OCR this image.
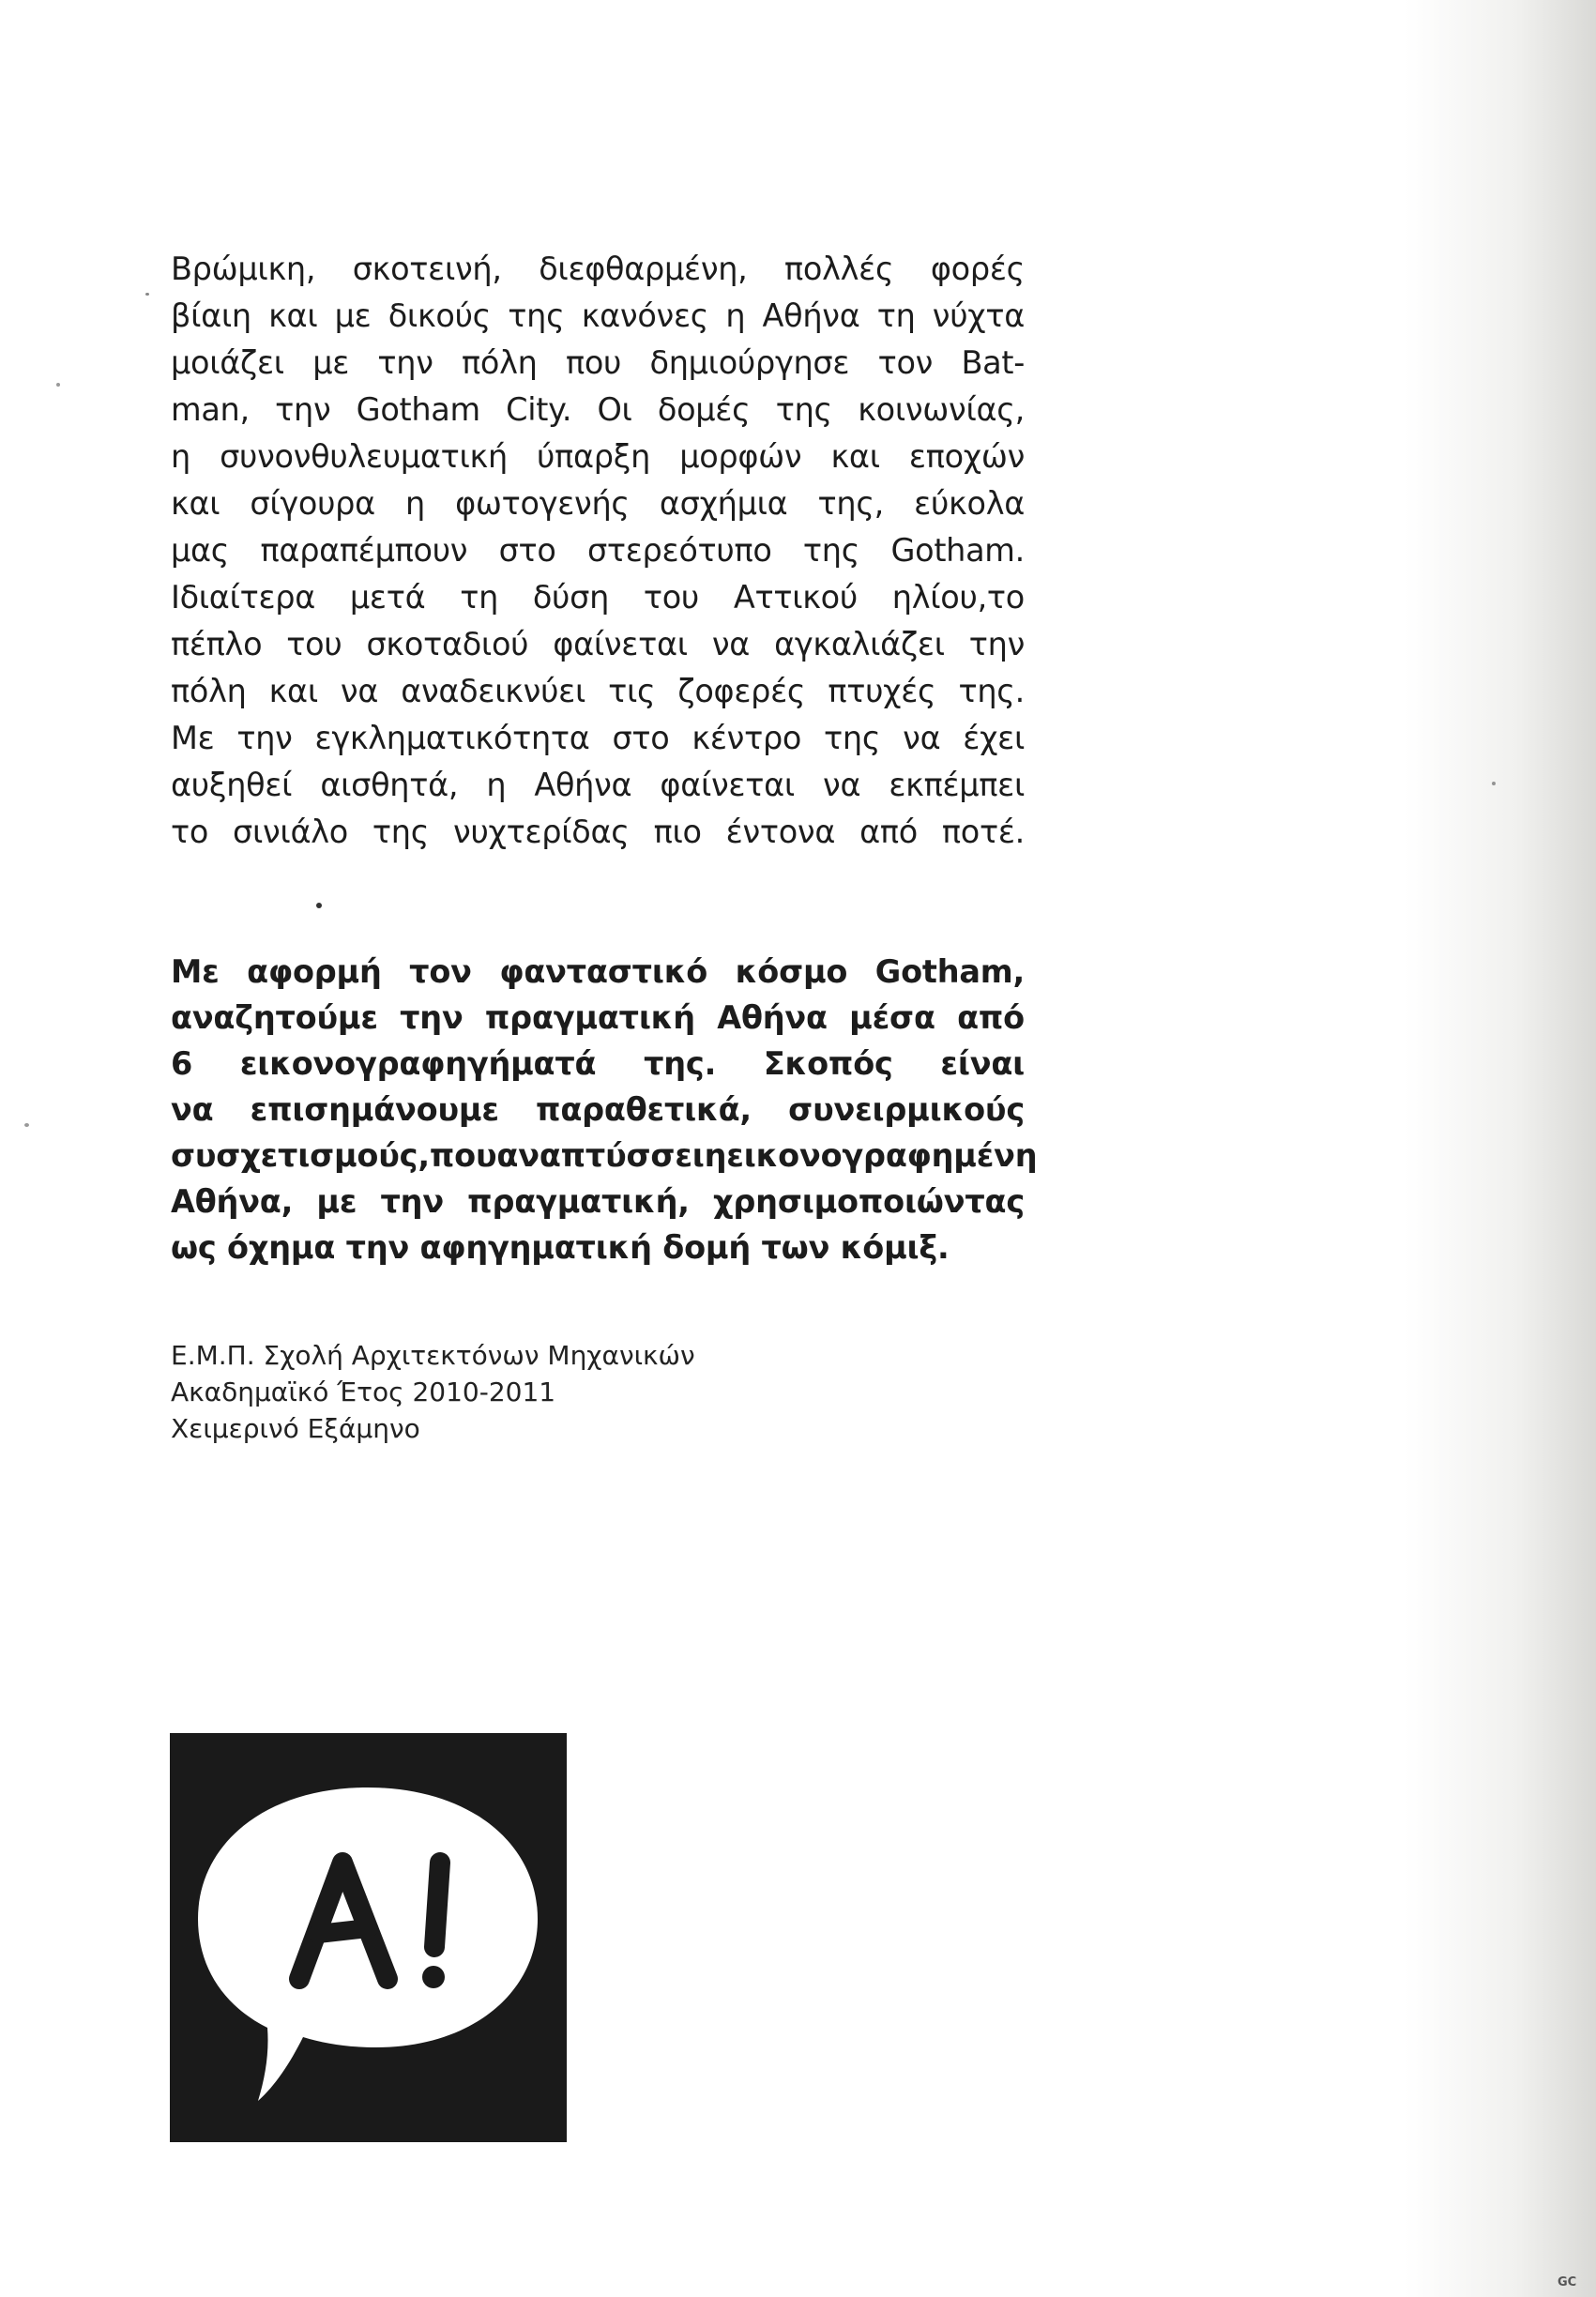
Βρώμικη, σκοτεινή, διεφθαρμένη, πολλές φορές
βίαιη και με δικούς της κανόνες η Αθήνα τη νύχτα
μοιάζει με την πόλη που δημιούργησε τον Bat-
man, την Gotham City. Οι δομές της κοινωνίας,
η συνονθυλευματική ύπαρξη μορφών και εποχών
και σίγουρα η φωτογενής ασχήμια της, εύκολα
μας παραπέμπουν στο στερεότυπο της Gotham.
Ιδιαίτερα μετά τη δύση του Αττικού ηλίου,το
πέπλο του σκοταδιού φαίνεται να αγκαλιάζει την
πόλη και να αναδεικνύει τις ζοφερές πτυχές της.
Με την εγκληματικότητα στο κέντρο της να έχει
αυξηθεί αισθητά, η Αθήνα φαίνεται να εκπέμπει
το σινιάλο της νυχτερίδας πιο έντονα από ποτέ.
Με αφορμή τον φανταστικό κόσμο Gotham,
αναζητούμε την πραγματική Αθήνα μέσα από
6 εικονογραφηγήματά της. Σκοπός είναι
να επισημάνουμε παραθετικά, συνειρμικούς
συσχετισμούς,πουαναπτύσσειηεικονογραφημένη
Αθήνα, με την πραγματική, χρησιμοποιώντας
ως όχημα την αφηγηματική δομή των κόμιξ.
Ε.Μ.Π. Σχολή Αρχιτεκτόνων Μηχανικών
Ακαδημαϊκό Έτος 2010-2011
Χειμερινό Εξάμηνο
GC
